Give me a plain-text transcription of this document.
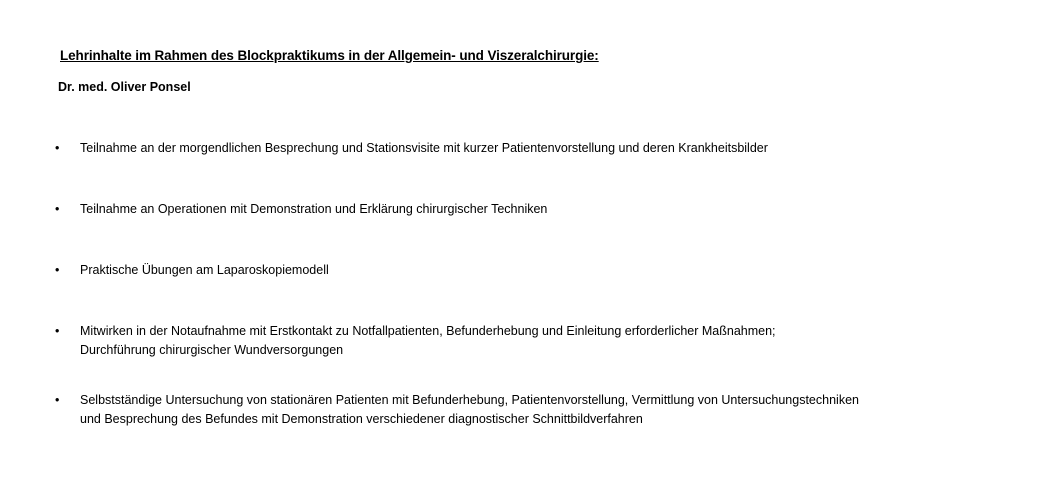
Lehrinhalte im Rahmen des Blockpraktikums in der Allgemein- und Viszeralchirurgie:
Dr. med. Oliver Ponsel
•	Teilnahme an der morgendlichen Besprechung und Stationsvisite mit kurzer Patientenvorstellung und deren Krankheitsbilder
•	Teilnahme an Operationen mit Demonstration und Erklärung chirurgischer Techniken
•	Praktische Übungen am Laparoskopiemodell
•	Mitwirken in der Notaufnahme mit Erstkontakt zu Notfallpatienten, Befunderhebung und Einleitung erforderlicher Maßnahmen;
Durchführung chirurgischer Wundversorgungen
•	Selbstständige Untersuchung von stationären Patienten mit Befunderhebung, Patientenvorstellung, Vermittlung von Untersuchungstechniken
und Besprechung des Befundes mit Demonstration verschiedener diagnostischer Schnittbildverfahren
